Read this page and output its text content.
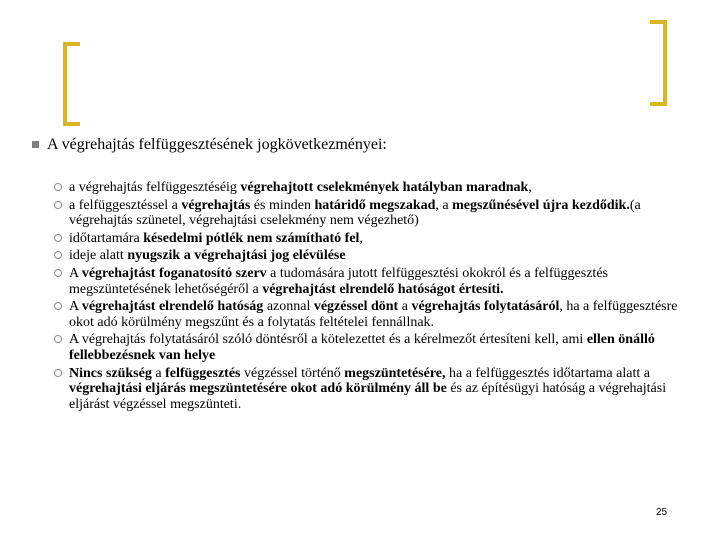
A végrehajtás felfüggesztésének jogkövetkezményei:
a végrehajtás felfüggesztéséig végrehajtott cselekmények hatályban maradnak,
a felfüggesztéssel a végrehajtás és minden határidő megszakad, a megszűnésével újra kezdődik.(a végrehajtás szünetel, végrehajtási cselekmény nem végezhető)
időtartamára késedelmi pótlék nem számítható fel,
ideje alatt nyugszik a végrehajtási jog elévülése
A végrehajtást foganatosító szerv a tudomására jutott felfüggesztési okokról és a felfüggesztés megszüntetésének lehetőségéről a végrehajtást elrendelő hatóságot értesíti.
A végrehajtást elrendelő hatóság azonnal végzéssel dönt a végrehajtás folytatásáról, ha a felfüggesztésre okot adó körülmény megszűnt és a folytatás feltételei fennállnak.
A végrehajtás folytatásáról szóló döntésről a kötelezettet és a kérelmezőt értesíteni kell, ami ellen önálló fellebbezésnek van helye
Nincs szükség a felfüggesztés végzéssel történő megszüntetésére, ha a felfüggesztés időtartama alatt a végrehajtási eljárás megszüntetésére okot adó körülmény áll be és az építésügyi hatóság a végrehajtási eljárást végzéssel megszünteti.
25
